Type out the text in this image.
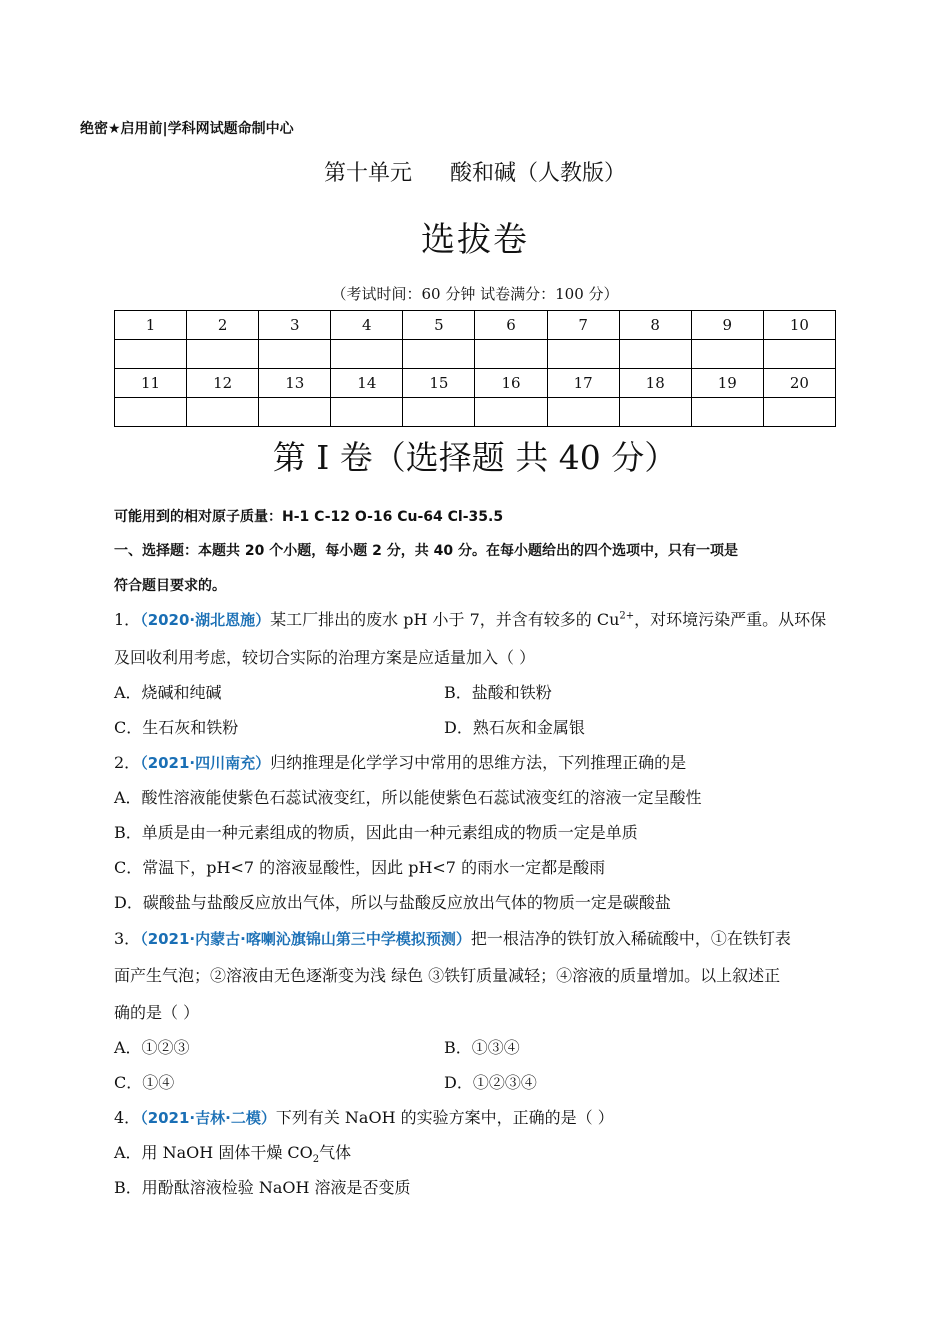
绝密★启用前|学科网试题命制中心
第十单元 酸和碱（人教版）
选拔卷
（考试时间：60 分钟 试卷满分：100 分）
1	2	3	4	5	6	7	8	9	10

11	12	13	14	15	16	17	18	19	20

第 I 卷（选择题 共 40 分）
可能用到的相对原子质量：H-1 C-12 O-16 Cu-64 Cl-35.5
一、选择题：本题共 20 个小题，每小题 2 分，共 40 分。在每小题给出的四个选项中，只有一项是
符合题目要求的。
1．（2020·湖北恩施）某工厂排出的废水 pH 小于 7，并含有较多的 $Cu^{2+}$，对环境污染严重。从环保
及回收利用考虑，较切合实际的治理方案是应适量加入（ ）
A．烧碱和纯碱	B．盐酸和铁粉
C．生石灰和铁粉	D．熟石灰和金属银
2．（2021·四川南充）归纳推理是化学学习中常用的思维方法，下列推理正确的是
A．酸性溶液能使紫色石蕊试液变红，所以能使紫色石蕊试液变红的溶液一定呈酸性
B．单质是由一种元素组成的物质，因此由一种元素组成的物质一定是单质
C．常温下，pH<7 的溶液显酸性，因此 pH<7 的雨水一定都是酸雨
D．碳酸盐与盐酸反应放出气体，所以与盐酸反应放出气体的物质一定是碳酸盐
3．（2021·内蒙古·喀喇沁旗锦山第三中学模拟预测）把一根洁净的铁钉放入稀硫酸中，①在铁钉表
面产生气泡；②溶液由无色逐渐变为浅 绿色 ③铁钉质量减轻；④溶液的质量增加。以上叙述正
确的是（ ）
A．①②③	B．①③④
C．①④	D．①②③④
4．（2021·吉林·二模）下列有关 NaOH 的实验方案中，正确的是（ ）
A．用 NaOH 固体干燥 $CO_2$气体
B．用酚酞溶液检验 NaOH 溶液是否变质
